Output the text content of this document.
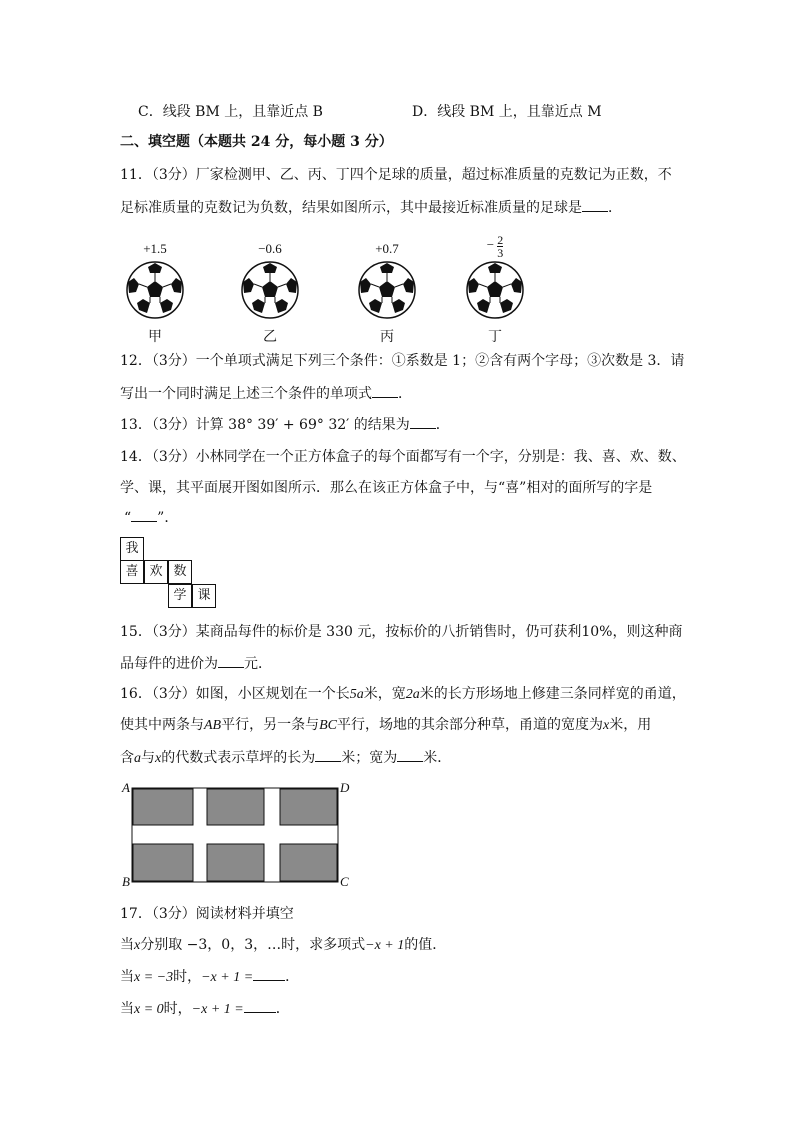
C．线段 BM 上，且靠近点 B	D．线段 BM 上，且靠近点 M
二、填空题（本题共 24 分，每小题 3 分）
11．（3分）厂家检测甲、乙、丙、丁四个足球的质量，超过标准质量的克数记为正数，不
足标准质量的克数记为负数，结果如图所示，其中最接近标准质量的足球是 ．
+1.5
甲
−0.6
乙
+0.7
丙
− $\frac{2}{3}$
丁
12．（3分）一个单项式满足下列三个条件：①系数是 1；②含有两个字母；③次数是 3．请
写出一个同时满足上述三个条件的单项式 ．
13．（3分）计算 38° 39′ + 69° 32′ 的结果为 ．
14．（3分）小林同学在一个正方体盒子的每个面都写有一个字，分别是：我、喜、欢、数、
学、课，其平面展开图如图所示．那么在该正方体盒子中，与“喜”相对的面所写的字是
“ ”．
我
喜 欢 数
学 课
15．（3分）某商品每件的标价是 330 元，按标价的八折销售时，仍可获利10%，则这种商
品每件的进价为 元．
16．（3分）如图，小区规划在一个长5a米，宽2a米的长方形场地上修建三条同样宽的甬道，
使其中两条与AB平行，另一条与BC平行，场地的其余部分种草，甬道的宽度为x米，用
含a与x的代数式表示草坪的长为 米；宽为 米．
A	D
B	C
17．（3分）阅读材料并填空
当x分别取 −3，0，3，…时，求多项式−x + 1的值．
当x = −3时，−x + 1 = ．
当x = 0时，−x + 1 = ．
